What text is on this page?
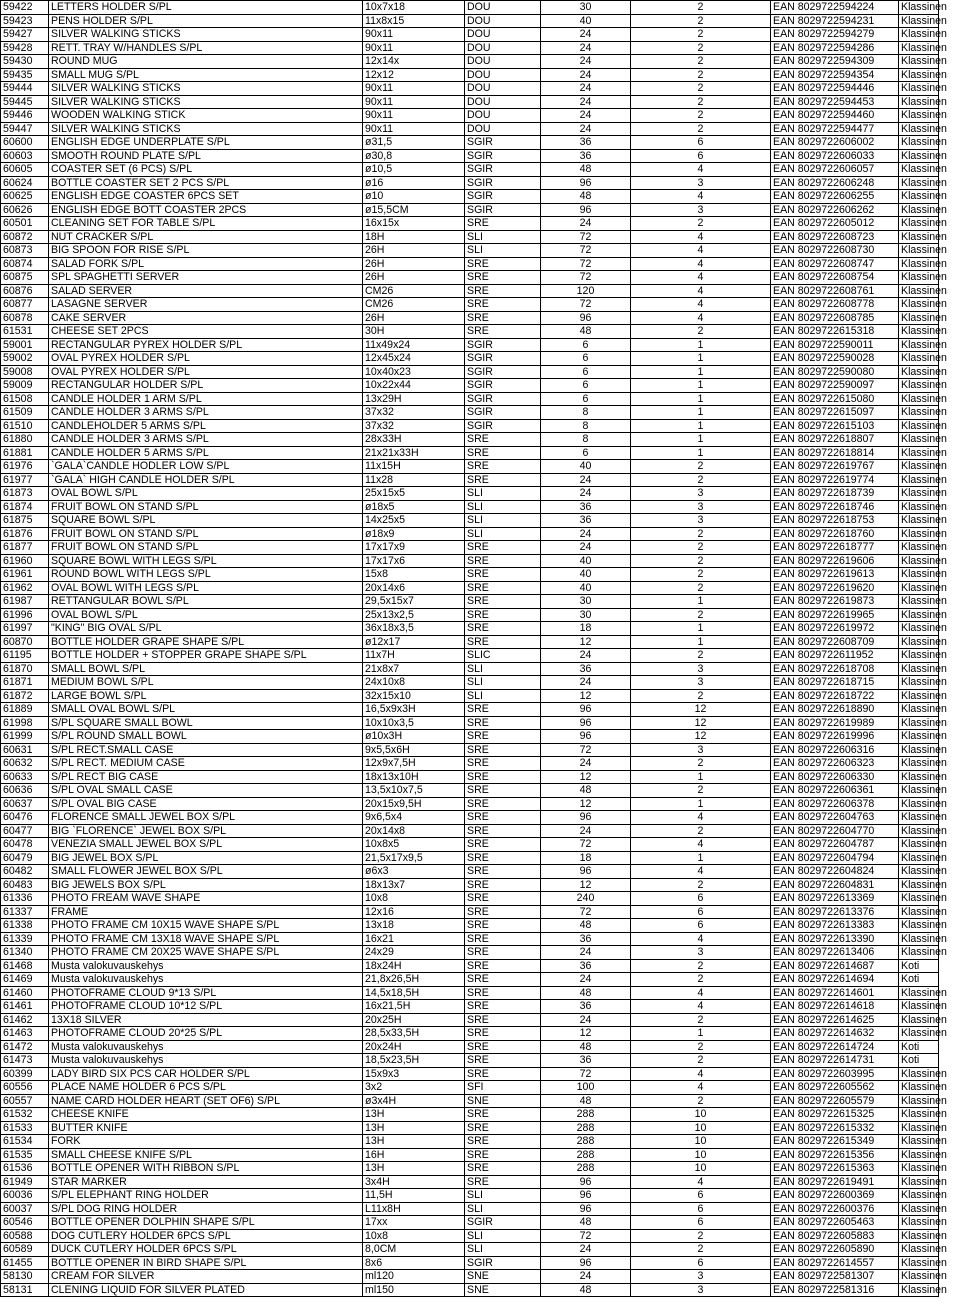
59422	LETTERS HOLDER S/PL	10x7x18	DOU	30	2	EAN 8029722594224	Klassinen
59423	PENS HOLDER S/PL	11x8x15	DOU	40	2	EAN 8029722594231	Klassinen
59427	SILVER WALKING STICKS	90x11	DOU	24	2	EAN 8029722594279	Klassinen
59428	RETT. TRAY W/HANDLES S/PL	90x11	DOU	24	2	EAN 8029722594286	Klassinen
59430	ROUND MUG	12x14x	DOU	24	2	EAN 8029722594309	Klassinen
59435	SMALL MUG S/PL	12x12	DOU	24	2	EAN 8029722594354	Klassinen
59444	SILVER WALKING STICKS	90x11	DOU	24	2	EAN 8029722594446	Klassinen
59445	SILVER WALKING STICKS	90x11	DOU	24	2	EAN 8029722594453	Klassinen
59446	WOODEN WALKING STICK	90x11	DOU	24	2	EAN 8029722594460	Klassinen
59447	SILVER WALKING STICKS	90x11	DOU	24	2	EAN 8029722594477	Klassinen
60600	ENGLISH EDGE UNDERPLATE S/PL	ø31,5	SGIR	36	6	EAN 8029722606002	Klassinen
60603	SMOOTH ROUND PLATE S/PL	ø30,8	SGIR	36	6	EAN 8029722606033	Klassinen
60605	COASTER SET (6 PCS) S/PL	ø10,5	SGIR	48	4	EAN 8029722606057	Klassinen
60624	BOTTLE COASTER SET 2 PCS S/PL	ø16	SGIR	96	3	EAN 8029722606248	Klassinen
60625	ENGLISH EDGE COASTER 6PCS SET	ø10	SGIR	48	4	EAN 8029722606255	Klassinen
60626	ENGLISH EDGE BOTT COASTER 2PCS	ø15,5CM	SGIR	96	3	EAN 8029722606262	Klassinen
60501	CLEANING SET FOR TABLE S/PL	16x15x	SRE	24	2	EAN 8029722605012	Klassinen
60872	NUT CRACKER S/PL	18H	SLI	72	4	EAN 8029722608723	Klassinen
60873	BIG SPOON FOR RISE S/PL	26H	SLI	72	4	EAN 8029722608730	Klassinen
60874	SALAD FORK S/PL	26H	SRE	72	4	EAN 8029722608747	Klassinen
60875	SPL SPAGHETTI SERVER	26H	SRE	72	4	EAN 8029722608754	Klassinen
60876	SALAD SERVER	CM26	SRE	120	4	EAN 8029722608761	Klassinen
60877	LASAGNE SERVER	CM26	SRE	72	4	EAN 8029722608778	Klassinen
60878	CAKE SERVER	26H	SRE	96	4	EAN 8029722608785	Klassinen
61531	CHEESE SET 2PCS	30H	SRE	48	2	EAN 8029722615318	Klassinen
59001	RECTANGULAR PYREX HOLDER S/PL	11x49x24	SGIR	6	1	EAN 8029722590011	Klassinen
59002	OVAL PYREX HOLDER S/PL	12x45x24	SGIR	6	1	EAN 8029722590028	Klassinen
59008	OVAL PYREX HOLDER S/PL	10x40x23	SGIR	6	1	EAN 8029722590080	Klassinen
59009	RECTANGULAR HOLDER S/PL	10x22x44	SGIR	6	1	EAN 8029722590097	Klassinen
61508	CANDLE HOLDER 1 ARM S/PL	13x29H	SGIR	6	1	EAN 8029722615080	Klassinen
61509	CANDLE HOLDER 3 ARMS S/PL	37x32	SGIR	8	1	EAN 8029722615097	Klassinen
61510	CANDLEHOLDER 5 ARMS S/PL	37x32	SGIR	8	1	EAN 8029722615103	Klassinen
61880	CANDLE HOLDER 3 ARMS S/PL	28x33H	SRE	8	1	EAN 8029722618807	Klassinen
61881	CANDLE HOLDER 5 ARMS S/PL	21x21x33H	SRE	6	1	EAN 8029722618814	Klassinen
61976	`GALA`CANDLE HODLER LOW S/PL	11x15H	SRE	40	2	EAN 8029722619767	Klassinen
61977	`GALA` HIGH CANDLE HOLDER S/PL	11x28	SRE	24	2	EAN 8029722619774	Klassinen
61873	OVAL BOWL S/PL	25x15x5	SLI	24	3	EAN 8029722618739	Klassinen
61874	FRUIT BOWL ON STAND S/PL	ø18x5	SLI	36	3	EAN 8029722618746	Klassinen
61875	SQUARE BOWL S/PL	14x25x5	SLI	36	3	EAN 8029722618753	Klassinen
61876	FRUIT BOWL ON STAND S/PL	ø18x9	SLI	24	2	EAN 8029722618760	Klassinen
61877	FRUIT BOWL ON STAND S/PL	17x17x9	SRE	24	2	EAN 8029722618777	Klassinen
61960	SQUARE BOWL WITH LEGS S/PL	17x17x6	SRE	40	2	EAN 8029722619606	Klassinen
61961	ROUND BOWL WITH LEGS S/PL	15x8	SRE	40	2	EAN 8029722619613	Klassinen
61962	OVAL BOWL WITH LEGS S/PL	20x14x6	SRE	40	2	EAN 8029722619620	Klassinen
61987	RETTANGULAR BOWL S/PL	29,5x15x7	SRE	30	1	EAN 8029722619873	Klassinen
61996	OVAL BOWL S/PL	25x13x2,5	SRE	30	2	EAN 8029722619965	Klassinen
61997	"KING" BIG OVAL S/PL	36x18x3,5	SRE	18	1	EAN 8029722619972	Klassinen
60870	BOTTLE HOLDER GRAPE SHAPE S/PL	ø12x17	SRE	12	1	EAN 8029722608709	Klassinen
61195	BOTTLE HOLDER + STOPPER GRAPE SHAPE S/PL	11x7H	SLIC	24	2	EAN 8029722611952	Klassinen
61870	SMALL BOWL S/PL	21x8x7	SLI	36	3	EAN 8029722618708	Klassinen
61871	MEDIUM BOWL S/PL	24x10x8	SLI	24	3	EAN 8029722618715	Klassinen
61872	LARGE BOWL S/PL	32x15x10	SLI	12	2	EAN 8029722618722	Klassinen
61889	SMALL OVAL BOWL S/PL	16,5x9x3H	SRE	96	12	EAN 8029722618890	Klassinen
61998	S/PL SQUARE SMALL BOWL	10x10x3,5	SRE	96	12	EAN 8029722619989	Klassinen
61999	S/PL ROUND SMALL BOWL	ø10x3H	SRE	96	12	EAN 8029722619996	Klassinen
60631	S/PL RECT.SMALL CASE	9x5,5x6H	SRE	72	3	EAN 8029722606316	Klassinen
60632	S/PL RECT. MEDIUM CASE	12x9x7,5H	SRE	24	2	EAN 8029722606323	Klassinen
60633	S/PL RECT BIG CASE	18x13x10H	SRE	12	1	EAN 8029722606330	Klassinen
60636	S/PL OVAL SMALL CASE	13,5x10x7,5	SRE	48	2	EAN 8029722606361	Klassinen
60637	S/PL OVAL BIG CASE	20x15x9,5H	SRE	12	1	EAN 8029722606378	Klassinen
60476	FLORENCE SMALL JEWEL BOX S/PL	9x6,5x4	SRE	96	4	EAN 8029722604763	Klassinen
60477	BIG `FLORENCE` JEWEL BOX S/PL	20x14x8	SRE	24	2	EAN 8029722604770	Klassinen
60478	VENEZIA SMALL JEWEL BOX S/PL	10x8x5	SRE	72	4	EAN 8029722604787	Klassinen
60479	BIG JEWEL BOX S/PL	21,5x17x9,5	SRE	18	1	EAN 8029722604794	Klassinen
60482	SMALL FLOWER JEWEL BOX S/PL	ø6x3	SRE	96	4	EAN 8029722604824	Klassinen
60483	BIG JEWELS BOX S/PL	18x13x7	SRE	12	2	EAN 8029722604831	Klassinen
61336	PHOTO FREAM WAVE SHAPE	10x8	SRE	240	6	EAN 8029722613369	Klassinen
61337	FRAME	12x16	SRE	72	6	EAN 8029722613376	Klassinen
61338	PHOTO FRAME CM 10X15 WAVE SHAPE S/PL	13x18	SRE	48	6	EAN 8029722613383	Klassinen
61339	PHOTO FRAME CM 13X18 WAVE SHAPE S/PL	16x21	SRE	36	4	EAN 8029722613390	Klassinen
61340	PHOTO FRAME CM 20X25 WAVE SHAPE S/PL	24x29	SRE	24	3	EAN 8029722613406	Klassinen
61468	Musta valokuvauskehys	18x24H	SRE	36	2	EAN 8029722614687	Koti
61469	Musta valokuvauskehys	21,8x26,5H	SRE	24	2	EAN 8029722614694	Koti
61460	PHOTOFRAME CLOUD 9*13 S/PL	14,5x18,5H	SRE	48	4	EAN 8029722614601	Klassinen
61461	PHOTOFRAME CLOUD 10*12 S/PL	16x21,5H	SRE	36	4	EAN 8029722614618	Klassinen
61462	13X18 SILVER	20x25H	SRE	24	2	EAN 8029722614625	Klassinen
61463	PHOTOFRAME CLOUD 20*25 S/PL	28,5x33,5H	SRE	12	1	EAN 8029722614632	Klassinen
61472	Musta valokuvauskehys	20x24H	SRE	48	2	EAN 8029722614724	Koti
61473	Musta valokuvauskehys	18,5x23,5H	SRE	36	2	EAN 8029722614731	Koti
60399	LADY BIRD SIX PCS CAR HOLDER S/PL	15x9x3	SRE	72	4	EAN 8029722603995	Klassinen
60556	PLACE NAME HOLDER 6 PCS S/PL	3x2	SFI	100	4	EAN 8029722605562	Klassinen
60557	NAME CARD HOLDER HEART (SET OF6) S/PL	ø3x4H	SNE	48	2	EAN 8029722605579	Klassinen
61532	CHEESE KNIFE	13H	SRE	288	10	EAN 8029722615325	Klassinen
61533	BUTTER KNIFE	13H	SRE	288	10	EAN 8029722615332	Klassinen
61534	FORK	13H	SRE	288	10	EAN 8029722615349	Klassinen
61535	SMALL CHEESE KNIFE S/PL	16H	SRE	288	10	EAN 8029722615356	Klassinen
61536	BOTTLE OPENER WITH RIBBON S/PL	13H	SRE	288	10	EAN 8029722615363	Klassinen
61949	STAR MARKER	3x4H	SRE	96	4	EAN 8029722619491	Klassinen
60036	S/PL ELEPHANT RING HOLDER	11,5H	SLI	96	6	EAN 8029722600369	Klassinen
60037	S/PL DOG RING HOLDER	L11x8H	SLI	96	6	EAN 8029722600376	Klassinen
60546	BOTTLE OPENER DOLPHIN SHAPE S/PL	17xx	SGIR	48	6	EAN 8029722605463	Klassinen
60588	DOG CUTLERY HOLDER 6PCS S/PL	10x8	SLI	72	2	EAN 8029722605883	Klassinen
60589	DUCK CUTLERY HOLDER 6PCS S/PL	8,0CM	SLI	24	2	EAN 8029722605890	Klassinen
61455	BOTTLE OPENER IN BIRD SHAPE S/PL	8x6	SGIR	96	6	EAN 8029722614557	Klassinen
58130	CREAM FOR SILVER	ml120	SNE	24	3	EAN 8029722581307	Klassinen
58131	CLENING LIQUID FOR SILVER PLATED	ml150	SNE	48	3	EAN 8029722581316	Klassinen
